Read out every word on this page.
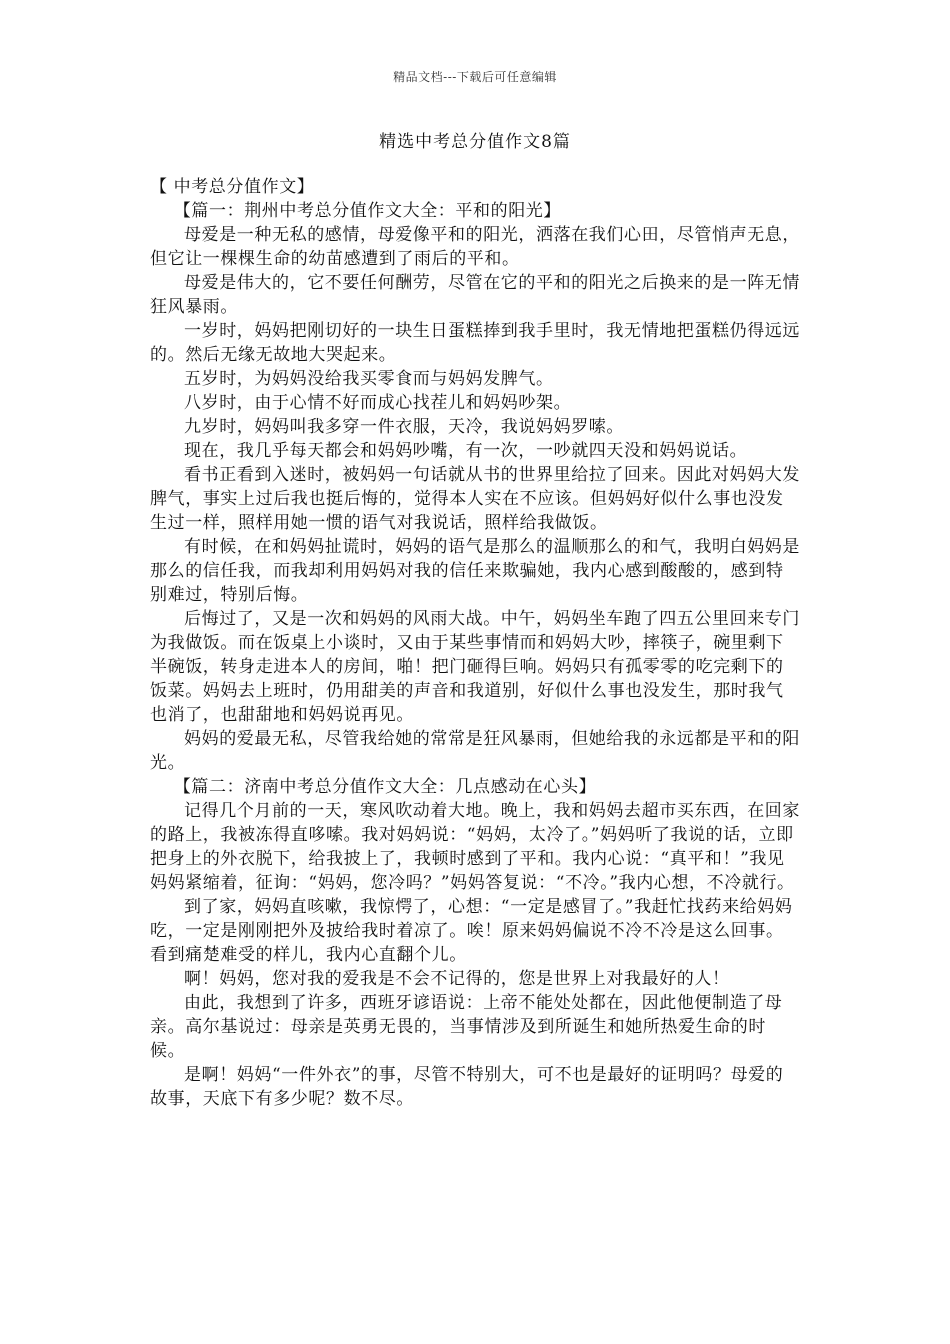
精品文档---下载后可任意编辑
精选中考总分值作文8篇

【 中考总分值作文】

【篇一：荆州中考总分值作文大全：平和的阳光】

母爱是一种无私的感情，母爱像平和的阳光，洒落在我们心田，尽管悄声无息，但它让一棵棵生命的幼苗感遭到了雨后的平和。

母爱是伟大的，它不要任何酬劳，尽管在它的平和的阳光之后换来的是一阵无情狂风暴雨。

一岁时，妈妈把刚切好的一块生日蛋糕捧到我手里时，我无情地把蛋糕仍得远远的。然后无缘无故地大哭起来。

五岁时，为妈妈没给我买零食而与妈妈发脾气。

八岁时，由于心情不好而成心找茬儿和妈妈吵架。

九岁时，妈妈叫我多穿一件衣服，天冷，我说妈妈罗嗦。

现在，我几乎每天都会和妈妈吵嘴，有一次，一吵就四天没和妈妈说话。

看书正看到入迷时，被妈妈一句话就从书的世界里给拉了回来。因此对妈妈大发脾气，事实上过后我也挺后悔的，觉得本人实在不应该。但妈妈好似什么事也没发生过一样，照样用她一惯的语气对我说话，照样给我做饭。

有时候，在和妈妈扯谎时，妈妈的语气是那么的温顺那么的和气，我明白妈妈是那么的信任我，而我却利用妈妈对我的信任来欺骗她，我内心感到酸酸的，感到特别难过，特别后悔。

后悔过了，又是一次和妈妈的风雨大战。中午，妈妈坐车跑了四五公里回来专门为我做饭。而在饭桌上小谈时，又由于某些事情而和妈妈大吵，摔筷子，碗里剩下半碗饭，转身走进本人的房间，啪！把门砸得巨响。妈妈只有孤零零的吃完剩下的饭菜。妈妈去上班时，仍用甜美的声音和我道别，好似什么事也没发生，那时我气也消了，也甜甜地和妈妈说再见。

妈妈的爱最无私，尽管我给她的常常是狂风暴雨，但她给我的永远都是平和的阳光。

【篇二：济南中考总分值作文大全：几点感动在心头】

记得几个月前的一天，寒风吹动着大地。晚上，我和妈妈去超市买东西，在回家的路上，我被冻得直哆嗦。我对妈妈说：“妈妈，太冷了。”妈妈听了我说的话，立即把身上的外衣脱下，给我披上了，我顿时感到了平和。我内心说：“真平和！”我见妈妈紧缩着，征询：“妈妈，您冷吗？”妈妈答复说：“不冷。”我内心想，不冷就行。

到了家，妈妈直咳嗽，我惊愕了，心想：“一定是感冒了。”我赶忙找药来给妈妈吃，一定是刚刚把外及披给我时着凉了。唉！原来妈妈偏说不冷不冷是这么回事。看到痛楚难受的样儿，我内心直翻个儿。

啊！妈妈，您对我的爱我是不会不记得的，您是世界上对我最好的人！

由此，我想到了许多，西班牙谚语说：上帝不能处处都在，因此他便制造了母亲。高尔基说过：母亲是英勇无畏的，当事情涉及到所诞生和她所热爱生命的时候。

是啊！妈妈“一件外衣”的事，尽管不特别大，可不也是最好的证明吗？母爱的故事，天底下有多少呢？数不尽。
